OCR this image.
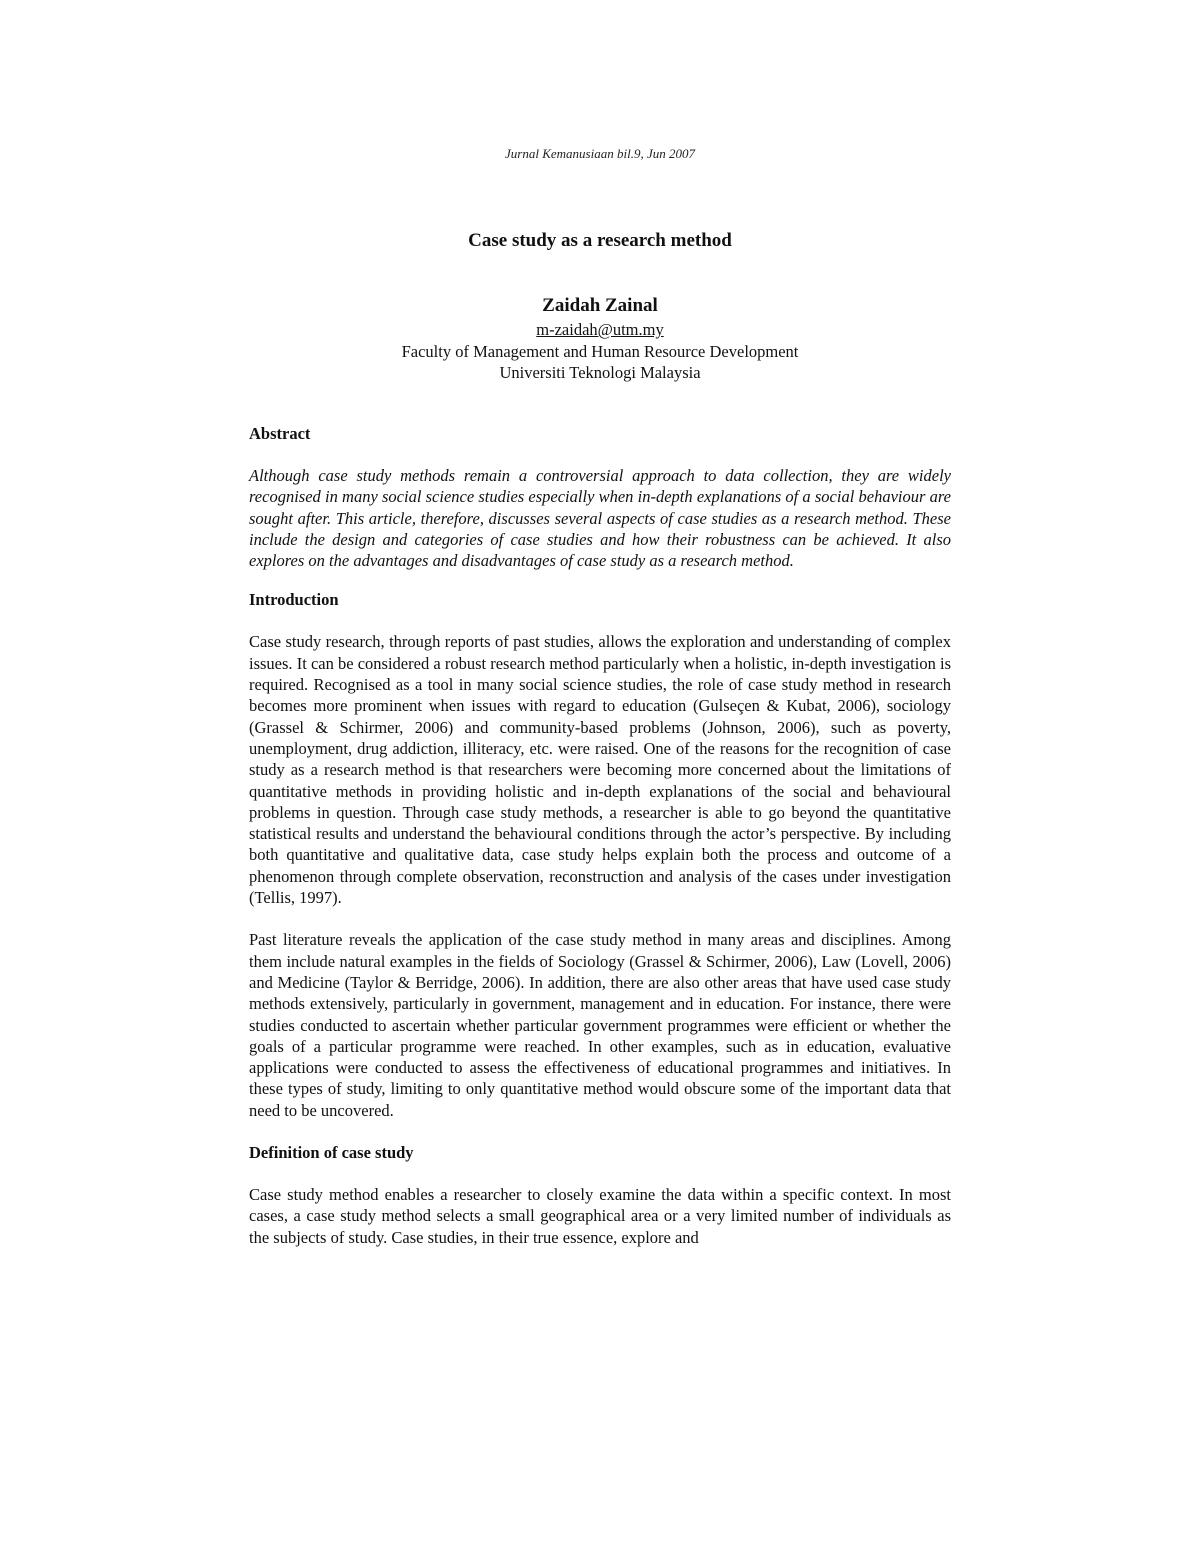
Jurnal Kemanusiaan bil.9, Jun 2007
Case study as a research method
Zaidah Zainal
m-zaidah@utm.my
Faculty of Management and Human Resource Development
Universiti Teknologi Malaysia
Abstract

Although case study methods remain a controversial approach to data collection, they are widely recognised in many social science studies especially when in-depth explanations of a social behaviour are sought after. This article, therefore, discusses several aspects of case studies as a research method. These include the design and categories of case studies and how their robustness can be achieved. It also explores on the advantages and disadvantages of case study as a research method.

Introduction

Case study research, through reports of past studies, allows the exploration and understanding of complex issues. It can be considered a robust research method particularly when a holistic, in-depth investigation is required. Recognised as a tool in many social science studies, the role of case study method in research becomes more prominent when issues with regard to education (Gulseçen & Kubat, 2006), sociology (Grassel & Schirmer, 2006) and community-based problems (Johnson, 2006), such as poverty, unemployment, drug addiction, illiteracy, etc. were raised. One of the reasons for the recognition of case study as a research method is that researchers were becoming more concerned about the limitations of quantitative methods in providing holistic and in-depth explanations of the social and behavioural problems in question. Through case study methods, a researcher is able to go beyond the quantitative statistical results and understand the behavioural conditions through the actor’s perspective. By including both quantitative and qualitative data, case study helps explain both the process and outcome of a phenomenon through complete observation, reconstruction and analysis of the cases under investigation (Tellis, 1997).

Past literature reveals the application of the case study method in many areas and disciplines. Among them include natural examples in the fields of Sociology (Grassel & Schirmer, 2006), Law (Lovell, 2006) and Medicine (Taylor & Berridge, 2006). In addition, there are also other areas that have used case study methods extensively, particularly in government, management and in education. For instance, there were studies conducted to ascertain whether particular government programmes were efficient or whether the goals of a particular programme were reached. In other examples, such as in education, evaluative applications were conducted to assess the effectiveness of educational programmes and initiatives. In these types of study, limiting to only quantitative method would obscure some of the important data that need to be uncovered.

Definition of case study

Case study method enables a researcher to closely examine the data within a specific context. In most cases, a case study method selects a small geographical area or a very limited number of individuals as the subjects of study. Case studies, in their true essence, explore and
